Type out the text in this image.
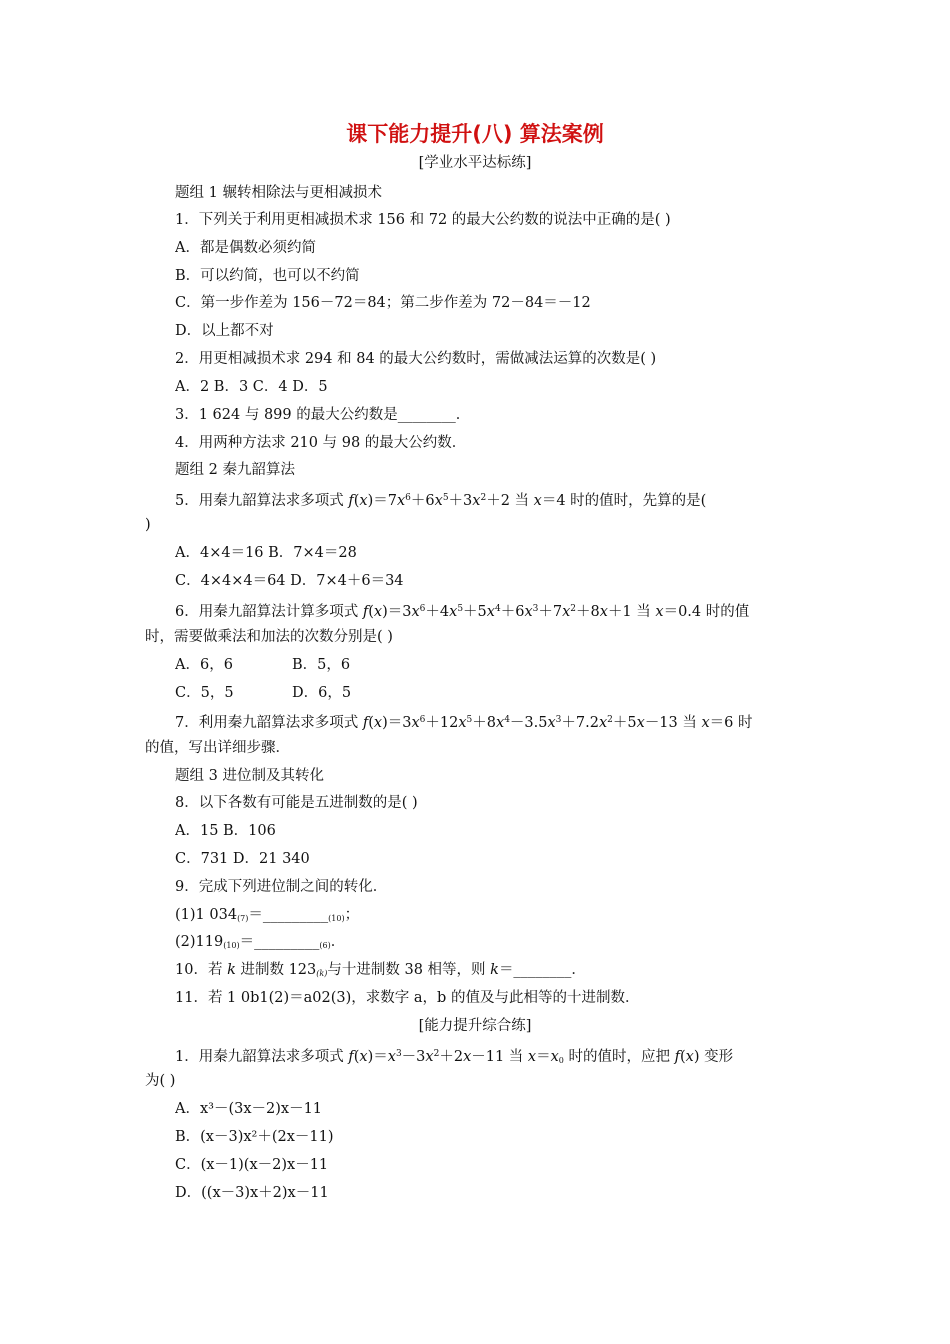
课下能力提升(八) 算法案例
[学业水平达标练]
题组 1 辗转相除法与更相减损术
1．下列关于利用更相减损术求 156 和 72 的最大公约数的说法中正确的是( )
A．都是偶数必须约简
B．可以约简，也可以不约简
C．第一步作差为 156－72＝84；第二步作差为 72－84＝－12
D．以上都不对
2．用更相减损术求 294 和 84 的最大公约数时，需做减法运算的次数是( )
A．2 B．3 C．4 D．5
3．1 624 与 899 的最大公约数是________．
4．用两种方法求 210 与 98 的最大公约数．
题组 2 秦九韶算法
5．用秦九韶算法求多项式 $f(x)=7x^6+6x^5+3x^2+2$ 当 x＝4 时的值时，先算的是(
)
A．4×4＝16 B．7×4＝28
C．4×4×4＝64 D．7×4＋6＝34
6．用秦九韶算法计算多项式 $f(x)=3x^6+4x^5+5x^4+6x^3+7x^2+8x+1$ 当 x＝0.4 时的值
时，需要做乘法和加法的次数分别是( )
A．6，6	B．5，6
C．5，5	D．6，5
7．利用秦九韶算法求多项式 $f(x)=3x^6+12x^5+8x^4-3.5x^3+7.2x^2+5x-13$ 当 x＝6 时
的值，写出详细步骤．
题组 3 进位制及其转化
8．以下各数有可能是五进制数的是( )
A．15 B．106
C．731 D．21 340
9．完成下列进位制之间的转化．
(1)1 $034_{(7)}=\_\_\_\_\_\_\_\_\__{(10)}$；
$(2)119_{(10)}=\_\_\_\_\_\_\_\_\__{(6)}$．
10．若 k 进制数 $123_{(k)}$与十进制数 38 相等，则 k＝________．
11．若 1 0b1(2)＝a02(3)，求数字 a，b 的值及与此相等的十进制数．
[能力提升综合练]
1．用秦九韶算法求多项式 $f(x)=x^3-3x^2+2x-11$ 当 $x=x_0$ 时的值时，应把 f(x) 变形
为( )
A．x³－(3x－2)x－11
B．(x－3)x²＋(2x－11)
C．(x－1)(x－2)x－11
D．((x－3)x＋2)x－11
